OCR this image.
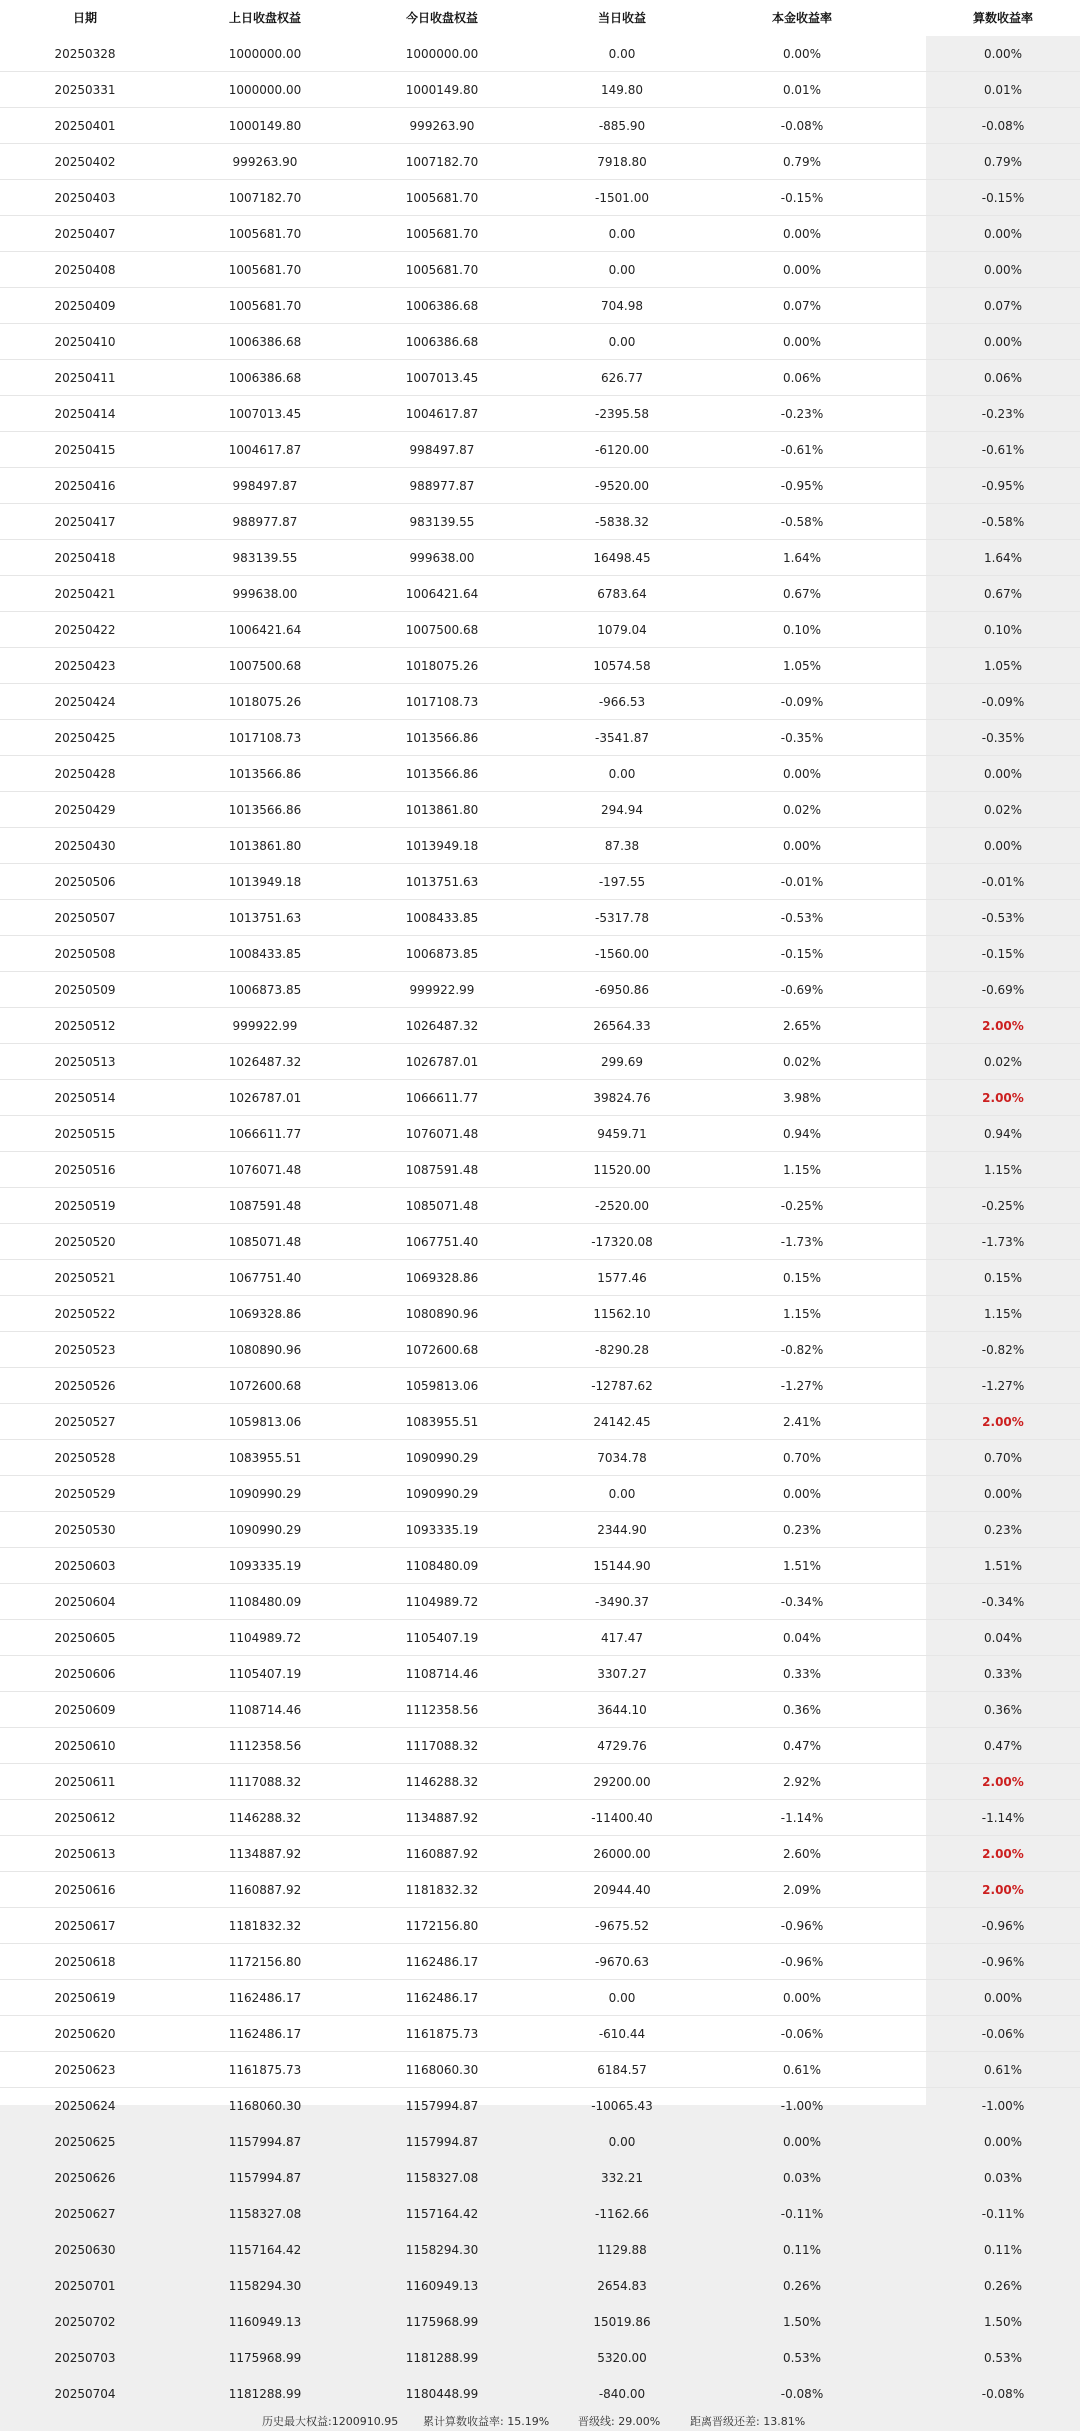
日期	上日收盘权益	今日收盘权益	当日收益	本金收益率	算数收益率
20250328	1000000.00	1000000.00	0.00	0.00%	0.00%
20250331	1000000.00	1000149.80	149.80	0.01%	0.01%
20250401	1000149.80	999263.90	-885.90	-0.08%	-0.08%
20250402	999263.90	1007182.70	7918.80	0.79%	0.79%
20250403	1007182.70	1005681.70	-1501.00	-0.15%	-0.15%
20250407	1005681.70	1005681.70	0.00	0.00%	0.00%
20250408	1005681.70	1005681.70	0.00	0.00%	0.00%
20250409	1005681.70	1006386.68	704.98	0.07%	0.07%
20250410	1006386.68	1006386.68	0.00	0.00%	0.00%
20250411	1006386.68	1007013.45	626.77	0.06%	0.06%
20250414	1007013.45	1004617.87	-2395.58	-0.23%	-0.23%
20250415	1004617.87	998497.87	-6120.00	-0.61%	-0.61%
20250416	998497.87	988977.87	-9520.00	-0.95%	-0.95%
20250417	988977.87	983139.55	-5838.32	-0.58%	-0.58%
20250418	983139.55	999638.00	16498.45	1.64%	1.64%
20250421	999638.00	1006421.64	6783.64	0.67%	0.67%
20250422	1006421.64	1007500.68	1079.04	0.10%	0.10%
20250423	1007500.68	1018075.26	10574.58	1.05%	1.05%
20250424	1018075.26	1017108.73	-966.53	-0.09%	-0.09%
20250425	1017108.73	1013566.86	-3541.87	-0.35%	-0.35%
20250428	1013566.86	1013566.86	0.00	0.00%	0.00%
20250429	1013566.86	1013861.80	294.94	0.02%	0.02%
20250430	1013861.80	1013949.18	87.38	0.00%	0.00%
20250506	1013949.18	1013751.63	-197.55	-0.01%	-0.01%
20250507	1013751.63	1008433.85	-5317.78	-0.53%	-0.53%
20250508	1008433.85	1006873.85	-1560.00	-0.15%	-0.15%
20250509	1006873.85	999922.99	-6950.86	-0.69%	-0.69%
20250512	999922.99	1026487.32	26564.33	2.65%	2.00%
20250513	1026487.32	1026787.01	299.69	0.02%	0.02%
20250514	1026787.01	1066611.77	39824.76	3.98%	2.00%
20250515	1066611.77	1076071.48	9459.71	0.94%	0.94%
20250516	1076071.48	1087591.48	11520.00	1.15%	1.15%
20250519	1087591.48	1085071.48	-2520.00	-0.25%	-0.25%
20250520	1085071.48	1067751.40	-17320.08	-1.73%	-1.73%
20250521	1067751.40	1069328.86	1577.46	0.15%	0.15%
20250522	1069328.86	1080890.96	11562.10	1.15%	1.15%
20250523	1080890.96	1072600.68	-8290.28	-0.82%	-0.82%
20250526	1072600.68	1059813.06	-12787.62	-1.27%	-1.27%
20250527	1059813.06	1083955.51	24142.45	2.41%	2.00%
20250528	1083955.51	1090990.29	7034.78	0.70%	0.70%
20250529	1090990.29	1090990.29	0.00	0.00%	0.00%
20250530	1090990.29	1093335.19	2344.90	0.23%	0.23%
20250603	1093335.19	1108480.09	15144.90	1.51%	1.51%
20250604	1108480.09	1104989.72	-3490.37	-0.34%	-0.34%
20250605	1104989.72	1105407.19	417.47	0.04%	0.04%
20250606	1105407.19	1108714.46	3307.27	0.33%	0.33%
20250609	1108714.46	1112358.56	3644.10	0.36%	0.36%
20250610	1112358.56	1117088.32	4729.76	0.47%	0.47%
20250611	1117088.32	1146288.32	29200.00	2.92%	2.00%
20250612	1146288.32	1134887.92	-11400.40	-1.14%	-1.14%
20250613	1134887.92	1160887.92	26000.00	2.60%	2.00%
20250616	1160887.92	1181832.32	20944.40	2.09%	2.00%
20250617	1181832.32	1172156.80	-9675.52	-0.96%	-0.96%
20250618	1172156.80	1162486.17	-9670.63	-0.96%	-0.96%
20250619	1162486.17	1162486.17	0.00	0.00%	0.00%
20250620	1162486.17	1161875.73	-610.44	-0.06%	-0.06%
20250623	1161875.73	1168060.30	6184.57	0.61%	0.61%
20250624	1168060.30	1157994.87	-10065.43	-1.00%	-1.00%
20250625	1157994.87	1157994.87	0.00	0.00%	0.00%
20250626	1157994.87	1158327.08	332.21	0.03%	0.03%
20250627	1158327.08	1157164.42	-1162.66	-0.11%	-0.11%
20250630	1157164.42	1158294.30	1129.88	0.11%	0.11%
20250701	1158294.30	1160949.13	2654.83	0.26%	0.26%
20250702	1160949.13	1175968.99	15019.86	1.50%	1.50%
20250703	1175968.99	1181288.99	5320.00	0.53%	0.53%
20250704	1181288.99	1180448.99	-840.00	-0.08%	-0.08%
历史最大权益:1200910.95 累计算数收益率: 15.19%	晋级线: 29.00%	距离晋级还差: 13.81%
